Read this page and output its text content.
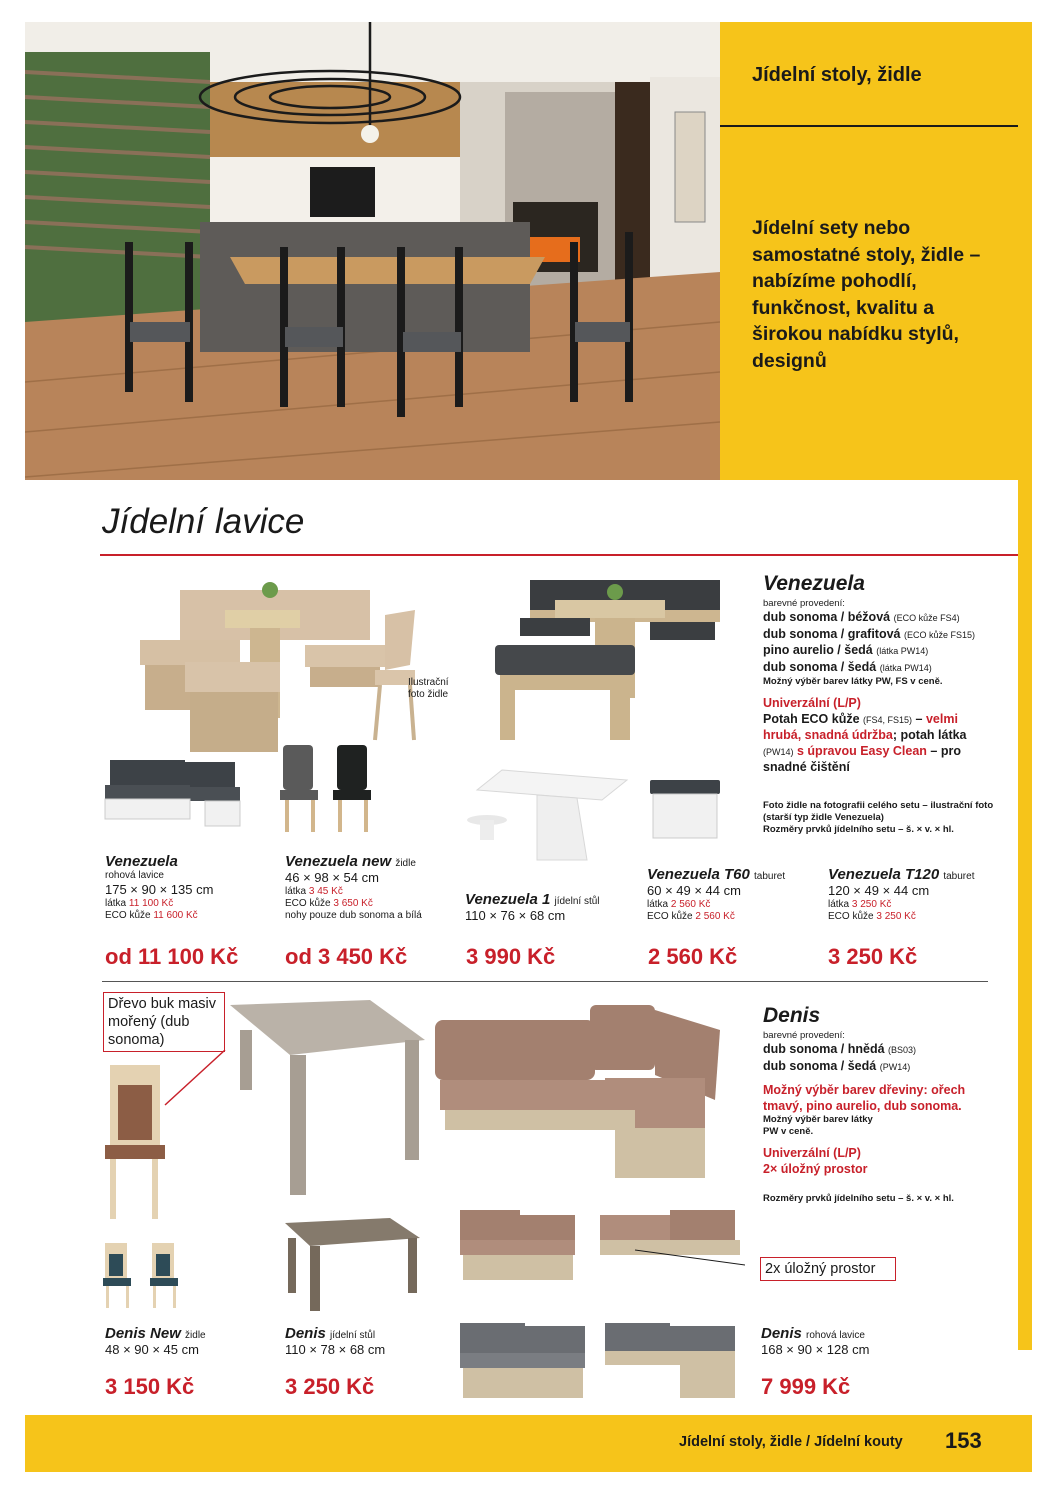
Jídelní stoly, židle
Jídelní sety nebo samostatné stoly, židle – nabízíme pohodlí, funkčnost, kvalitu a širokou nabídku stylů, designů
Jídelní lavice
Ilustrační foto židle
Venezuela
barevné provedení:
dub sonoma / béžová (ECO kůže FS4)
dub sonoma / grafitová (ECO kůže FS15)
pino aurelio / šedá (látka PW14)
dub sonoma / šedá (látka PW14)
Možný výběr barev látky PW, FS v ceně.
Univerzální (L/P)
Potah ECO kůže (FS4, FS15) – velmi hrubá, snadná údržba; potah látka (PW14) s úpravou Easy Clean – pro snadné čištění
Foto židle na fotografii celého setu – ilustrační foto (starší typ židle Venezuela)
Rozměry prvků jídelního setu – š. × v. × hl.
Venezuela
rohová lavice
175 × 90 × 135 cm
látka 11 100 Kč
ECO kůže 11 600 Kč
od 11 100 Kč
Venezuela new židle
46 × 98 × 54 cm
látka 3 45 Kč
ECO kůže 3 650 Kč
nohy pouze dub sonoma a bílá
od 3 450 Kč
Venezuela 1 jídelní stůl
110 × 76 × 68 cm
3 990 Kč
Venezuela T60 taburet
60 × 49 × 44 cm
látka 2 560 Kč
ECO kůže 2 560 Kč
2 560 Kč
Venezuela T120 taburet
120 × 49 × 44 cm
látka 3 250 Kč
ECO kůže 3 250 Kč
3 250 Kč
Dřevo buk masiv mořený (dub sonoma)
Denis
barevné provedení:
dub sonoma / hnědá (BS03)
dub sonoma / šedá (PW14)
Možný výběr barev dřeviny: ořech tmavý, pino aurelio, dub sonoma.
Možný výběr barev látky PW v ceně.
Univerzální (L/P)
2× úložný prostor
Rozměry prvků jídelního setu – š. × v. × hl.
2x úložný prostor
Denis New židle
48 × 90 × 45 cm
3 150 Kč
Denis jídelní stůl
110 × 78 × 68 cm
3 250 Kč
Denis rohová lavice
168 × 90 × 128 cm
7 999 Kč
Jídelní stoly, židle / Jídelní kouty 153
